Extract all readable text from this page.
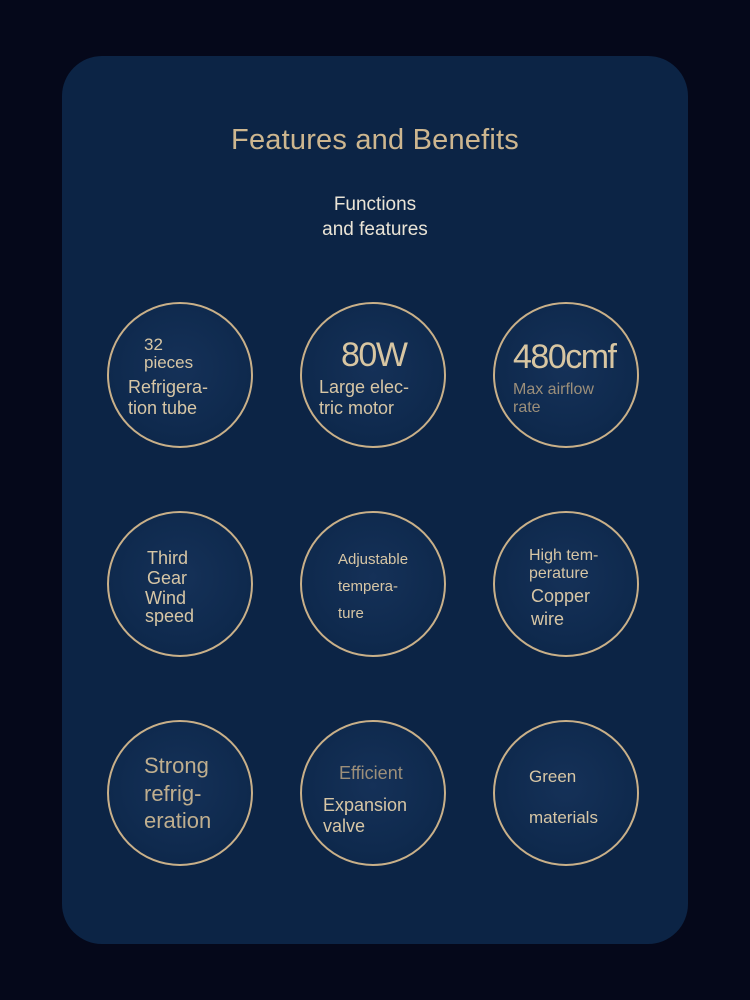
Features and Benefits
Functions
and features
32
pieces
Refrigera-
tion tube
80W
Large elec-
tric motor
480cmf
Max airflow
rate
Third
Gear
Wind
speed
Adjustable
tempera-
ture
High tem-
perature
Copper
wire
Strong
refrig-
eration
Efficient
Expansion
valve
Green
materials
